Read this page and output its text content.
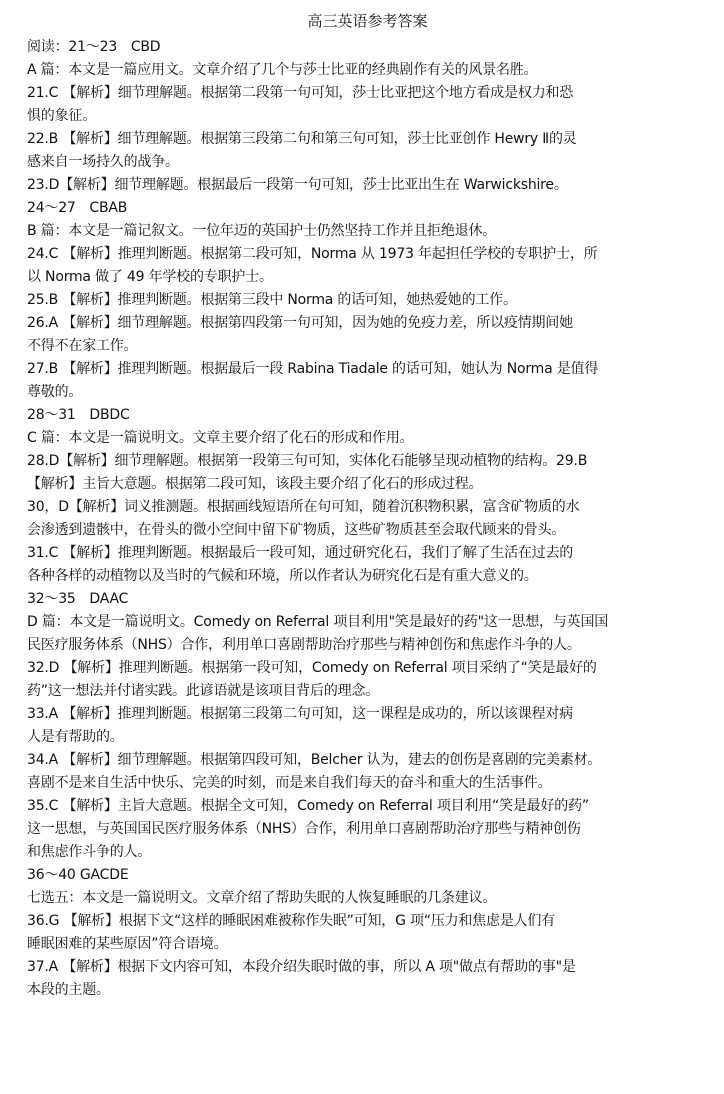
高三英语参考答案
阅读：21～23　CBD
A 篇：本文是一篇应用文。文章介绍了几个与莎士比亚的经典剧作有关的风景名胜。
21.C 【解析】细节理解题。根据第二段第一句可知，莎士比亚把这个地方看成是权力和恐
惧的象征。
22.B 【解析】细节理解题。根据第三段第二句和第三句可知，莎士比亚创作 Hewry Ⅱ的灵
感来自一场持久的战争。
23.D【解析】细节理解题。根据最后一段第一句可知，莎士比亚出生在 Warwickshire。
24～27　CBAB
B 篇：本文是一篇记叙文。一位年迈的英国护士仍然坚持工作并且拒绝退休。
24.C 【解析】推理判断题。根据第二段可知，Norma 从 1973 年起担任学校的专职护士，所
以 Norma 做了 49 年学校的专职护士。
25.B 【解析】推理判断题。根据第三段中 Norma 的话可知，她热爱她的工作。
26.A 【解析】细节理解题。根据第四段第一句可知，因为她的免疫力差，所以疫情期间她
不得不在家工作。
27.B 【解析】推理判断题。根据最后一段 Rabina Tiadale 的话可知，她认为 Norma 是值得
尊敬的。
28～31　DBDC
C 篇：本文是一篇说明文。文章主要介绍了化石的形成和作用。
28.D【解析】细节理解题。根据第一段第三句可知，实体化石能够呈现动植物的结构。29.B
【解析】主旨大意题。根据第二段可知，该段主要介绍了化石的形成过程。
30，D【解析】词义推测题。根据画线短语所在句可知，随着沉积物积累，富含矿物质的水
会渗透到遗骸中，在骨头的微小空间中留下矿物质，这些矿物质甚至会取代顾来的骨头。
31.C 【解析】推理判断题。根据最后一段可知，通过研究化石，我们了解了生活在过去的
各种各样的动植物以及当时的气候和环境，所以作者认为研究化石是有重大意义的。
32～35　DAAC
D 篇：本文是一篇说明文。Comedy on Referral 项目利用"笑是最好的药"这一思想，与英国国
民医疗服务体系（NHS）合作，利用单口喜剧帮助治疗那些与精神创伤和焦虑作斗争的人。
32.D 【解析】推理判断题。根据第一段可知，Comedy on Referral 项目采纳了“笑是最好的
药”这一想法并付诸实践。此谚语就是该项目背后的理念。
33.A 【解析】推理判断题。根据第三段第二句可知，这一课程是成功的，所以该课程对病
人是有帮助的。
34.A 【解析】细节理解题。根据第四段可知，Belcher 认为，建去的创伤是喜剧的完美素材。
喜剧不是来自生活中快乐、完美的时刻，而是来自我们每天的奋斗和重大的生活事件。
35.C 【解析】主旨大意题。根据全文可知，Comedy on Referral 项目利用“笑是最好的药”
这一思想，与英国国民医疗服务体系（NHS）合作，利用单口喜剧帮助治疗那些与精神创伤
和焦虑作斗争的人。
36～40 GACDE
七选五：本文是一篇说明文。文章介绍了帮助失眠的人恢复睡眠的几条建议。
36.G 【解析】根据下文“这样的睡眠困难被称作失眠”可知，G 项“压力和焦虑是人们有
睡眠困难的某些原因”符合语境。
37.A 【解析】根据下文内容可知，本段介绍失眠时做的事，所以 A 项"做点有帮助的事"是
本段的主题。
